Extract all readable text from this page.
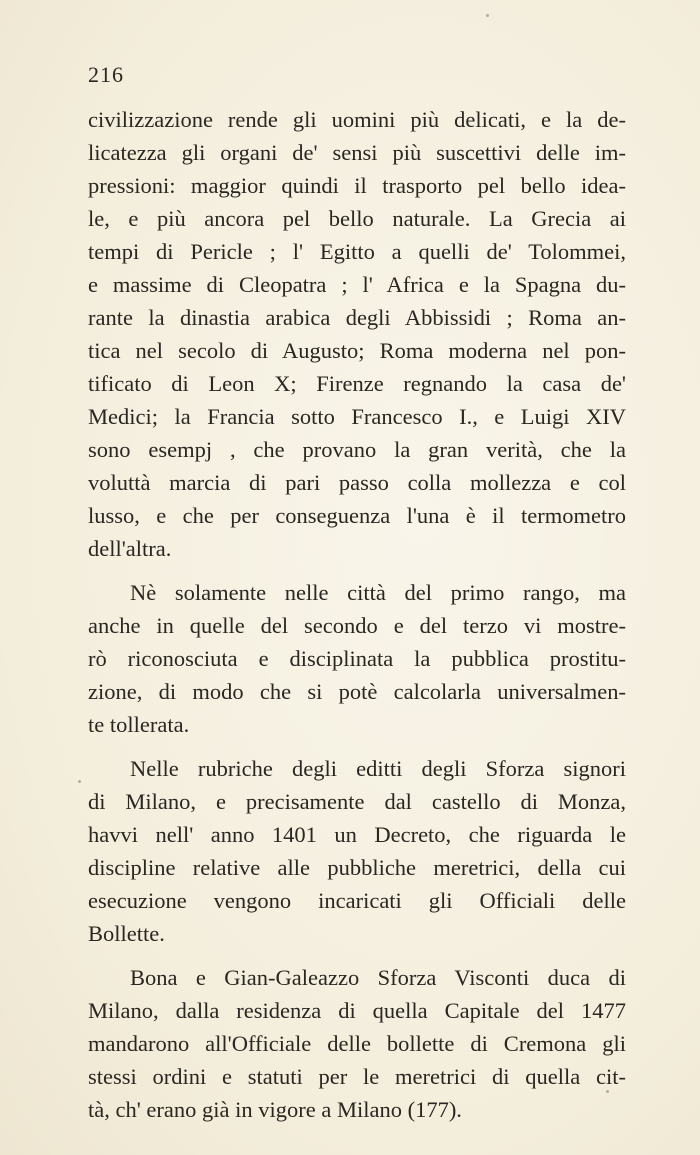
216
civilizzazione rende gli uomini più delicati, e la de-
licatezza gli organi de' sensi più suscettivi delle im-
pressioni: maggior quindi il trasporto pel bello idea-
le, e più ancora pel bello naturale. La Grecia ai
tempi di Pericle ; l' Egitto a quelli de' Tolommei,
e massime di Cleopatra ; l' Africa e la Spagna du-
rante la dinastia arabica degli Abbissidi ; Roma an-
tica nel secolo di Augusto; Roma moderna nel pon-
tificato di Leon X; Firenze regnando la casa de'
Medici; la Francia sotto Francesco I., e Luigi XIV
sono esempj , che provano la gran verità, che la
voluttà marcia di pari passo colla mollezza e col
lusso, e che per conseguenza l'una è il termometro
dell'altra.
Nè solamente nelle città del primo rango, ma
anche in quelle del secondo e del terzo vi mostre-
rò riconosciuta e disciplinata la pubblica prostitu-
zione, di modo che si potè calcolarla universalmen-
te tollerata.
Nelle rubriche degli editti degli Sforza signori
di Milano, e precisamente dal castello di Monza,
havvi nell' anno 1401 un Decreto, che riguarda le
discipline relative alle pubbliche meretrici, della cui
esecuzione vengono incaricati gli Officiali delle
Bollette.
Bona e Gian-Galeazzo Sforza Visconti duca di
Milano, dalla residenza di quella Capitale del 1477
mandarono all'Officiale delle bollette di Cremona gli
stessi ordini e statuti per le meretrici di quella cit-
tà, ch' erano già in vigore a Milano (177).
